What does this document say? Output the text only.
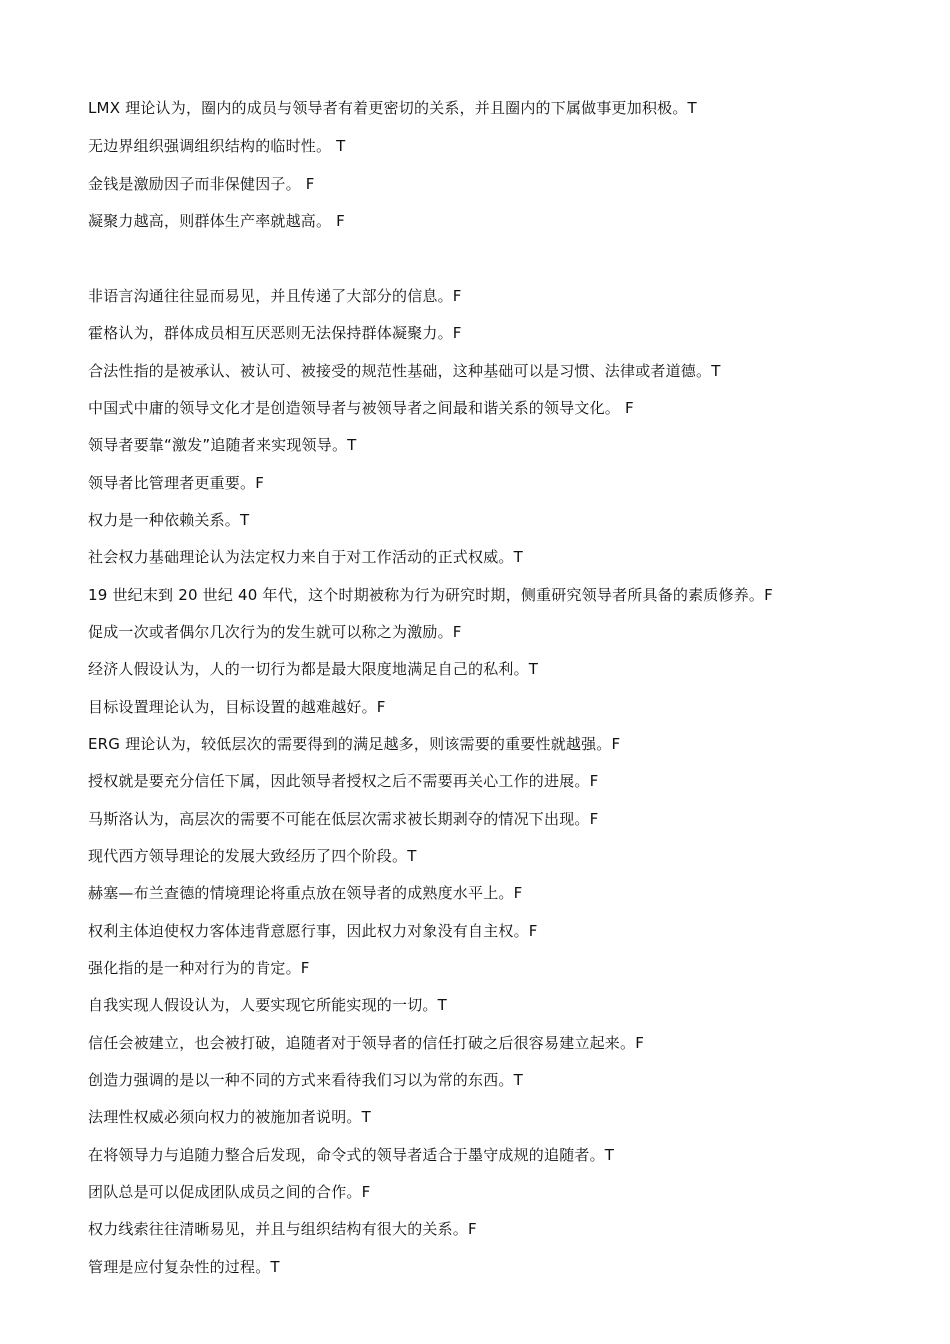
LMX 理论认为，圈内的成员与领导者有着更密切的关系，并且圈内的下属做事更加积极。T
无边界组织强调组织结构的临时性。 T
金钱是激励因子而非保健因子。 F
凝聚力越高，则群体生产率就越高。 F
非语言沟通往往显而易见，并且传递了大部分的信息。F
霍格认为，群体成员相互厌恶则无法保持群体凝聚力。F
合法性指的是被承认、被认可、被接受的规范性基础，这种基础可以是习惯、法律或者道德。T
中国式中庸的领导文化才是创造领导者与被领导者之间最和谐关系的领导文化。 F
领导者要靠“激发”追随者来实现领导。T
领导者比管理者更重要。F
权力是一种依赖关系。T
社会权力基础理论认为法定权力来自于对工作活动的正式权威。T
19 世纪末到 20 世纪 40 年代，这个时期被称为行为研究时期，侧重研究领导者所具备的素质修养。F
促成一次或者偶尔几次行为的发生就可以称之为激励。F
经济人假设认为，人的一切行为都是最大限度地满足自己的私利。T
目标设置理论认为，目标设置的越难越好。F
ERG 理论认为，较低层次的需要得到的满足越多，则该需要的重要性就越强。F
授权就是要充分信任下属，因此领导者授权之后不需要再关心工作的进展。F
马斯洛认为，高层次的需要不可能在低层次需求被长期剥夺的情况下出现。F
现代西方领导理论的发展大致经历了四个阶段。T
赫塞—布兰查德的情境理论将重点放在领导者的成熟度水平上。F
权利主体迫使权力客体违背意愿行事，因此权力对象没有自主权。F
强化指的是一种对行为的肯定。F
自我实现人假设认为，人要实现它所能实现的一切。T
信任会被建立，也会被打破，追随者对于领导者的信任打破之后很容易建立起来。F
创造力强调的是以一种不同的方式来看待我们习以为常的东西。T
法理性权威必须向权力的被施加者说明。T
在将领导力与追随力整合后发现，命令式的领导者适合于墨守成规的追随者。T
团队总是可以促成团队成员之间的合作。F
权力线索往往清晰易见，并且与组织结构有很大的关系。F
管理是应付复杂性的过程。T
